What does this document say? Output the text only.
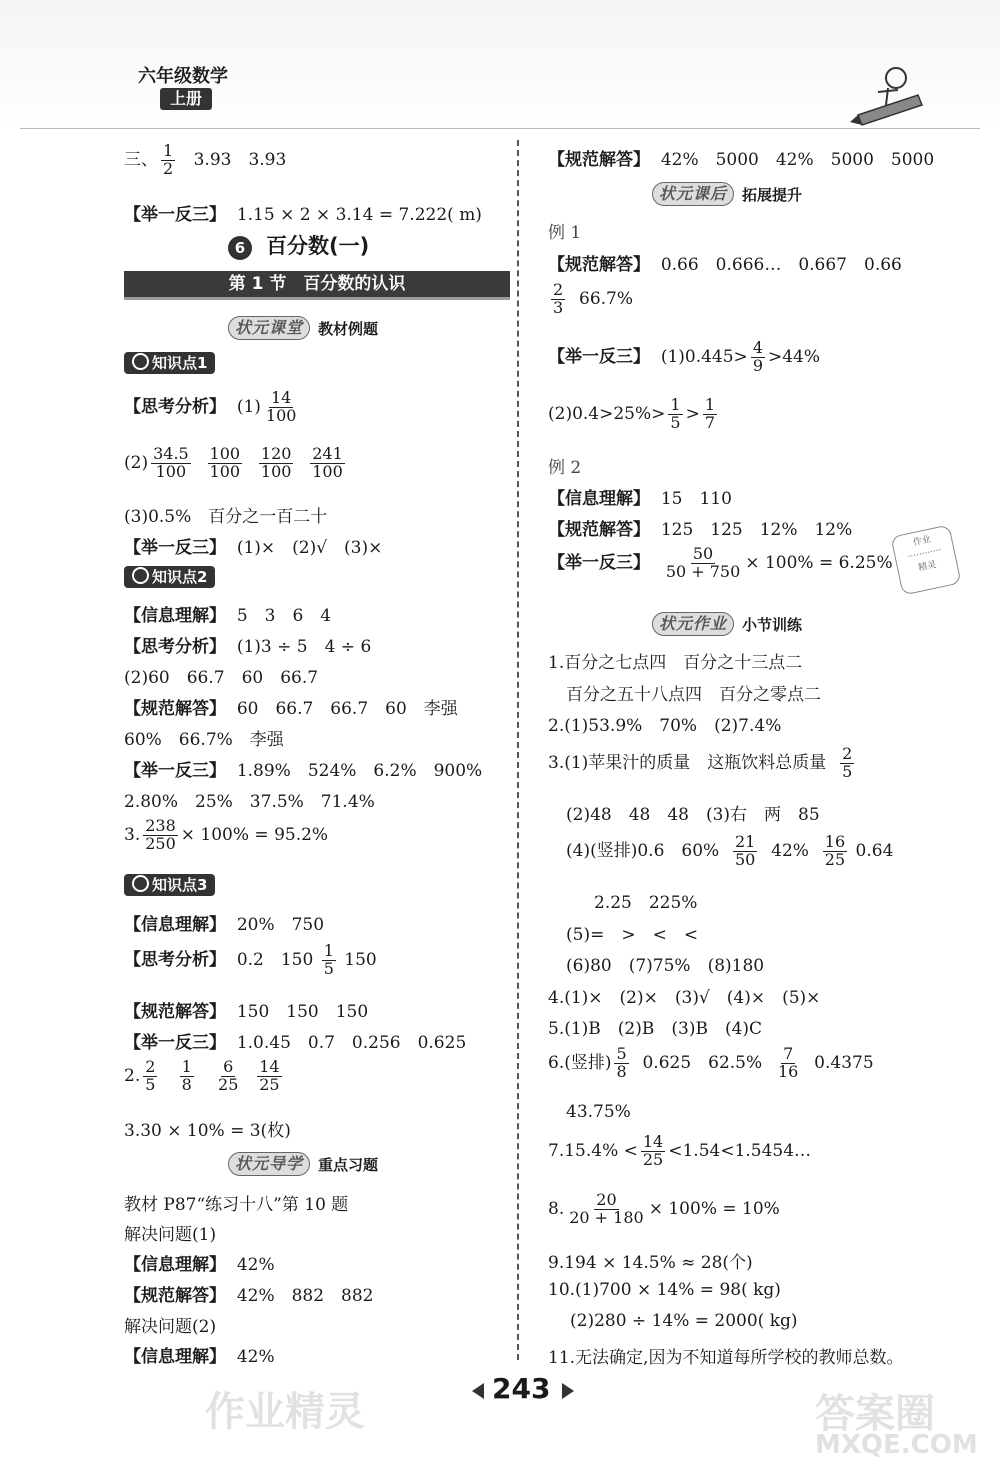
六年级数学
上册
三、 $\frac{1}{2} 3.93$　3.93
【举一反三】 1.15 × 2 × 3.14 = 7.222( m)
6 百分数(一)
第 1 节　百分数的认识
状元课堂	教材例题
知识点1
【思考分析】 $(1) \frac{14}{100}$
$(2) \frac{34.5}{100}$
$\frac{100}{100}$
$\frac{120}{100}$
$\frac{241}{100}$
(3)0.5%　百分之一百二十
【举一反三】 (1)×　(2)√　(3)×
知识点2
【信息理解】 5　3　6　4
【思考分析】 (1)3 ÷ 5　4 ÷ 6
(2)60　66.7　60　66.7
【规范解答】 60　66.7　66.7　60　李强
60%　66.7%　李强
【举一反三】 1.89%　524%　6.2%　900%
2.80%　25%　37.5%　71.4%
3. $\frac{238}{250} \times 100\% = 95.2\%$
知识点3
【信息理解】 20%　750
【思考分析】 0.2　$150 \frac{1}{5} 150$
【规范解答】 150　150　150
【举一反三】 1.0.45　0.7　0.256　0.625
2. $\frac{2}{5}$
$\frac{1}{8}$
$\frac{6}{25}$
$\frac{14}{25}$
3.30 × 10% = 3(枚)
状元导学	重点习题
教材 P87“练习十八”第 10 题
解决问题(1)
【信息理解】 42%
【规范解答】 42%　882　882
解决问题(2)
【信息理解】 42%
【规范解答】 42%　5000　42%　5000　5000
状元课后	拓展提升
例 1
【规范解答】 0.66　0.666…　0.667　0.66
$\frac{2}{3} 66.7\%$
【举一反三】 $(1)0.445> \frac{4}{9} >44\%$
$(2)0.4>25\%> \frac{1}{5} > \frac{1}{7}$
例 2
【信息理解】 15　110
【规范解答】 125　125　12%　12%
【举一反三】 $\frac{50}{50 + 750} \times 100\% = 6.25\%$
作业
············
精灵
状元作业	小节训练
1.百分之七点四　百分之十三点二
百分之五十八点四　百分之零点二
2.(1)53.9%　70%　(2)7.4%
3.(1)苹果汁的质量　这瓶饮料总质量 $\frac{2}{5}$
(2)48　48　48　(3)右　两　85
(4)(竖排)0.6　$60\% \frac{21}{50} 42\% \frac{16}{25} 0.64$
2.25　225%
(5)=　>　<　<
(6)80　(7)75%　(8)180
4.(1)×　(2)×　(3)√　(4)×　(5)×
5.(1)B　(2)B　(3)B　(4)C
6.(竖排) $\frac{5}{8} 0.625$　$62.5\% \frac{7}{16} 0.4375$
43.75%
$7.15.4\% < \frac{14}{25}$ <1.54<1.5454…
8. $\frac{20}{20 + 180} \times 100\% = 10\%$
9.194 × 14.5% ≈ 28(个)
10.(1)700 × 14% = 98( kg)
(2)280 ÷ 14% = 2000( kg)
11.无法确定,因为不知道每所学校的教师总数。
243
作业精灵	答案圈
MXQE.COM
